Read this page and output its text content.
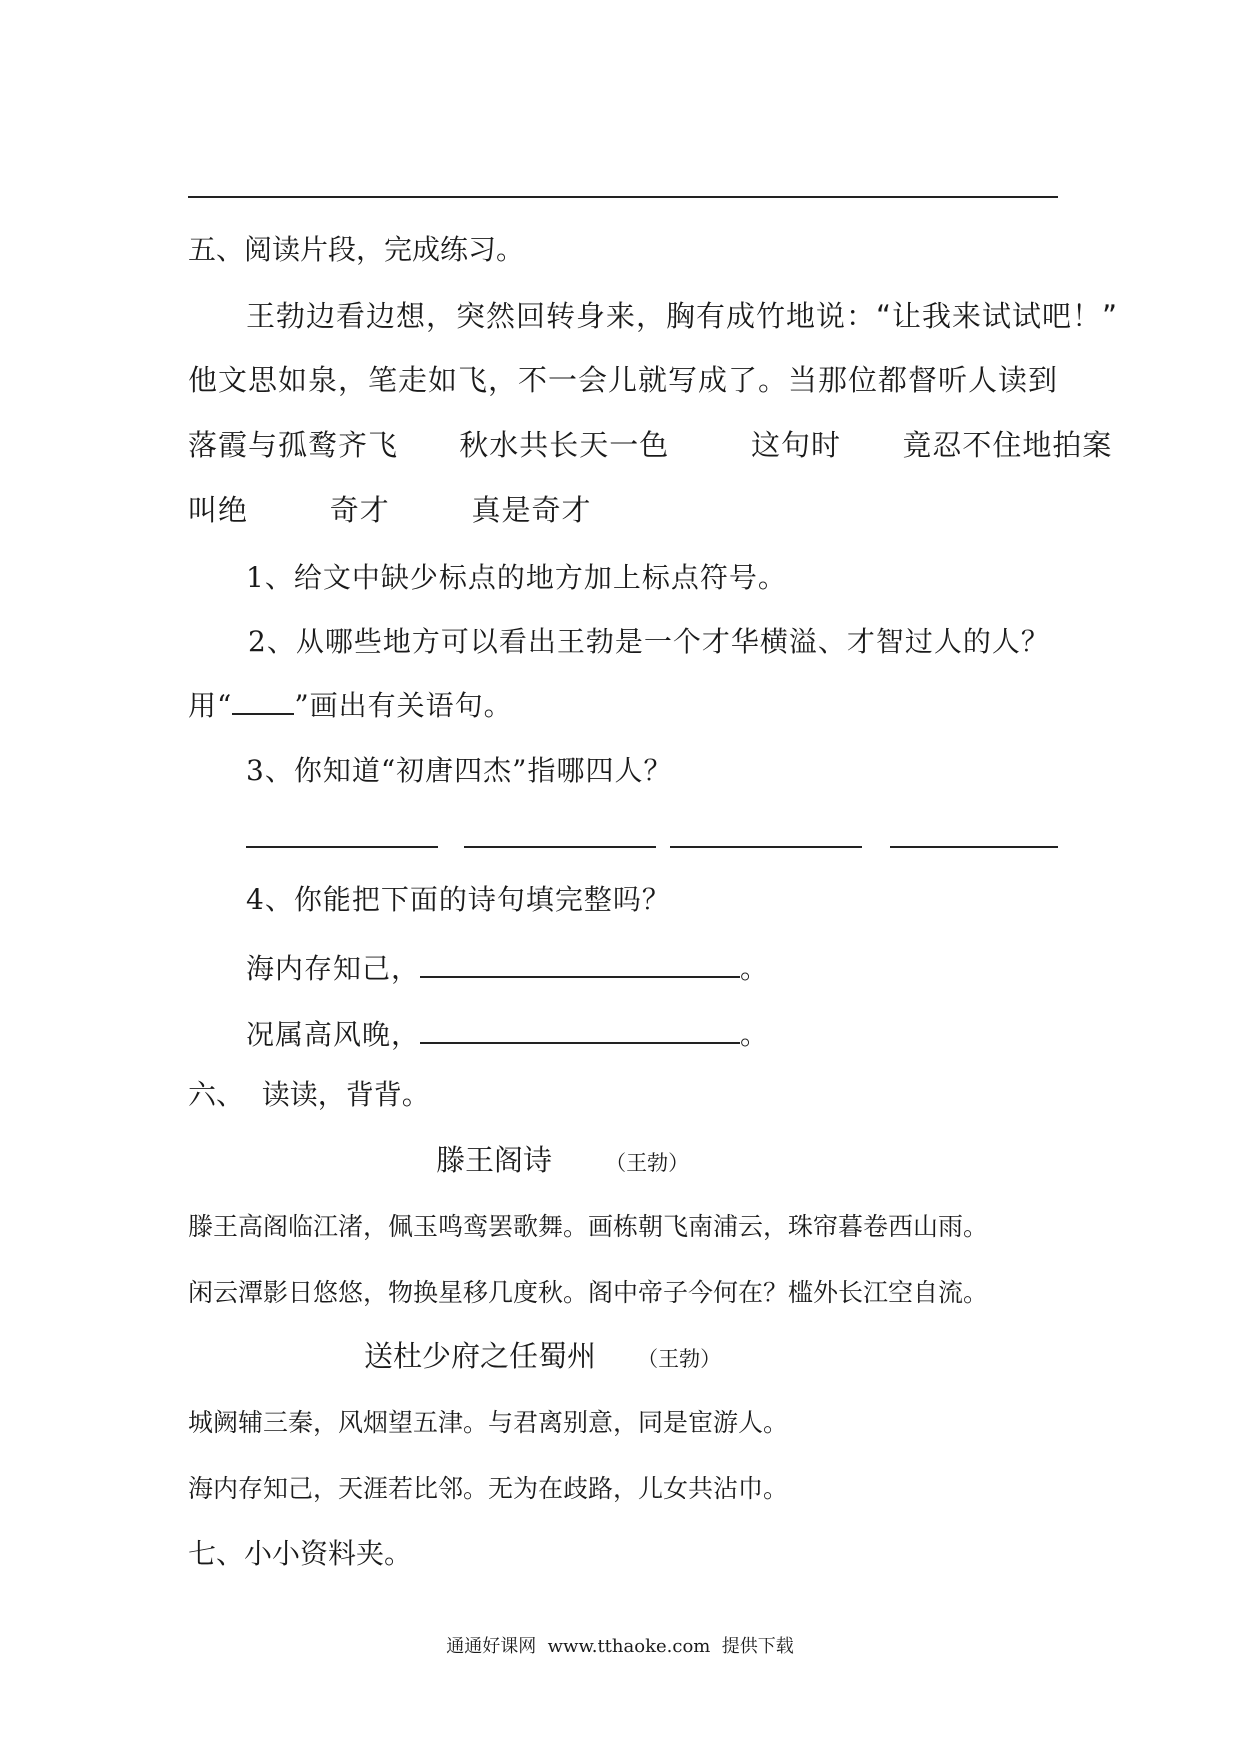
五、阅读片段，完成练习。
王勃边看边想，突然回转身来，胸有成竹地说：“让我来试试吧！”
他文思如泉，笔走如飞，不一会儿就写成了。当那位都督听人读到
落霞与孤鹜齐飞      秋水共长天一色        这句时      竟忍不住地拍案
叫绝        奇才        真是奇才
1、给文中缺少标点的地方加上标点符号。
2、从哪些地方可以看出王勃是一个才华横溢、才智过人的人？
用“ ”画出有关语句。
3、你知道“初唐四杰”指哪四人？
4、你能把下面的诗句填完整吗？
海内存知己，	。
况属高风晚，	。
六、  读读，背背。
滕王阁诗	（王勃）
滕王高阁临江渚，佩玉鸣鸾罢歌舞。画栋朝飞南浦云，珠帘暮卷西山雨。
闲云潭影日悠悠，物换星移几度秋。阁中帝子今何在？槛外长江空自流。
送杜少府之任蜀州 （王勃）
城阙辅三秦，风烟望五津。与君离别意，同是宦游人。
海内存知己，天涯若比邻。无为在歧路，儿女共沾巾。
七、小小资料夹。
通通好课网  www.tthaoke.com  提供下载
